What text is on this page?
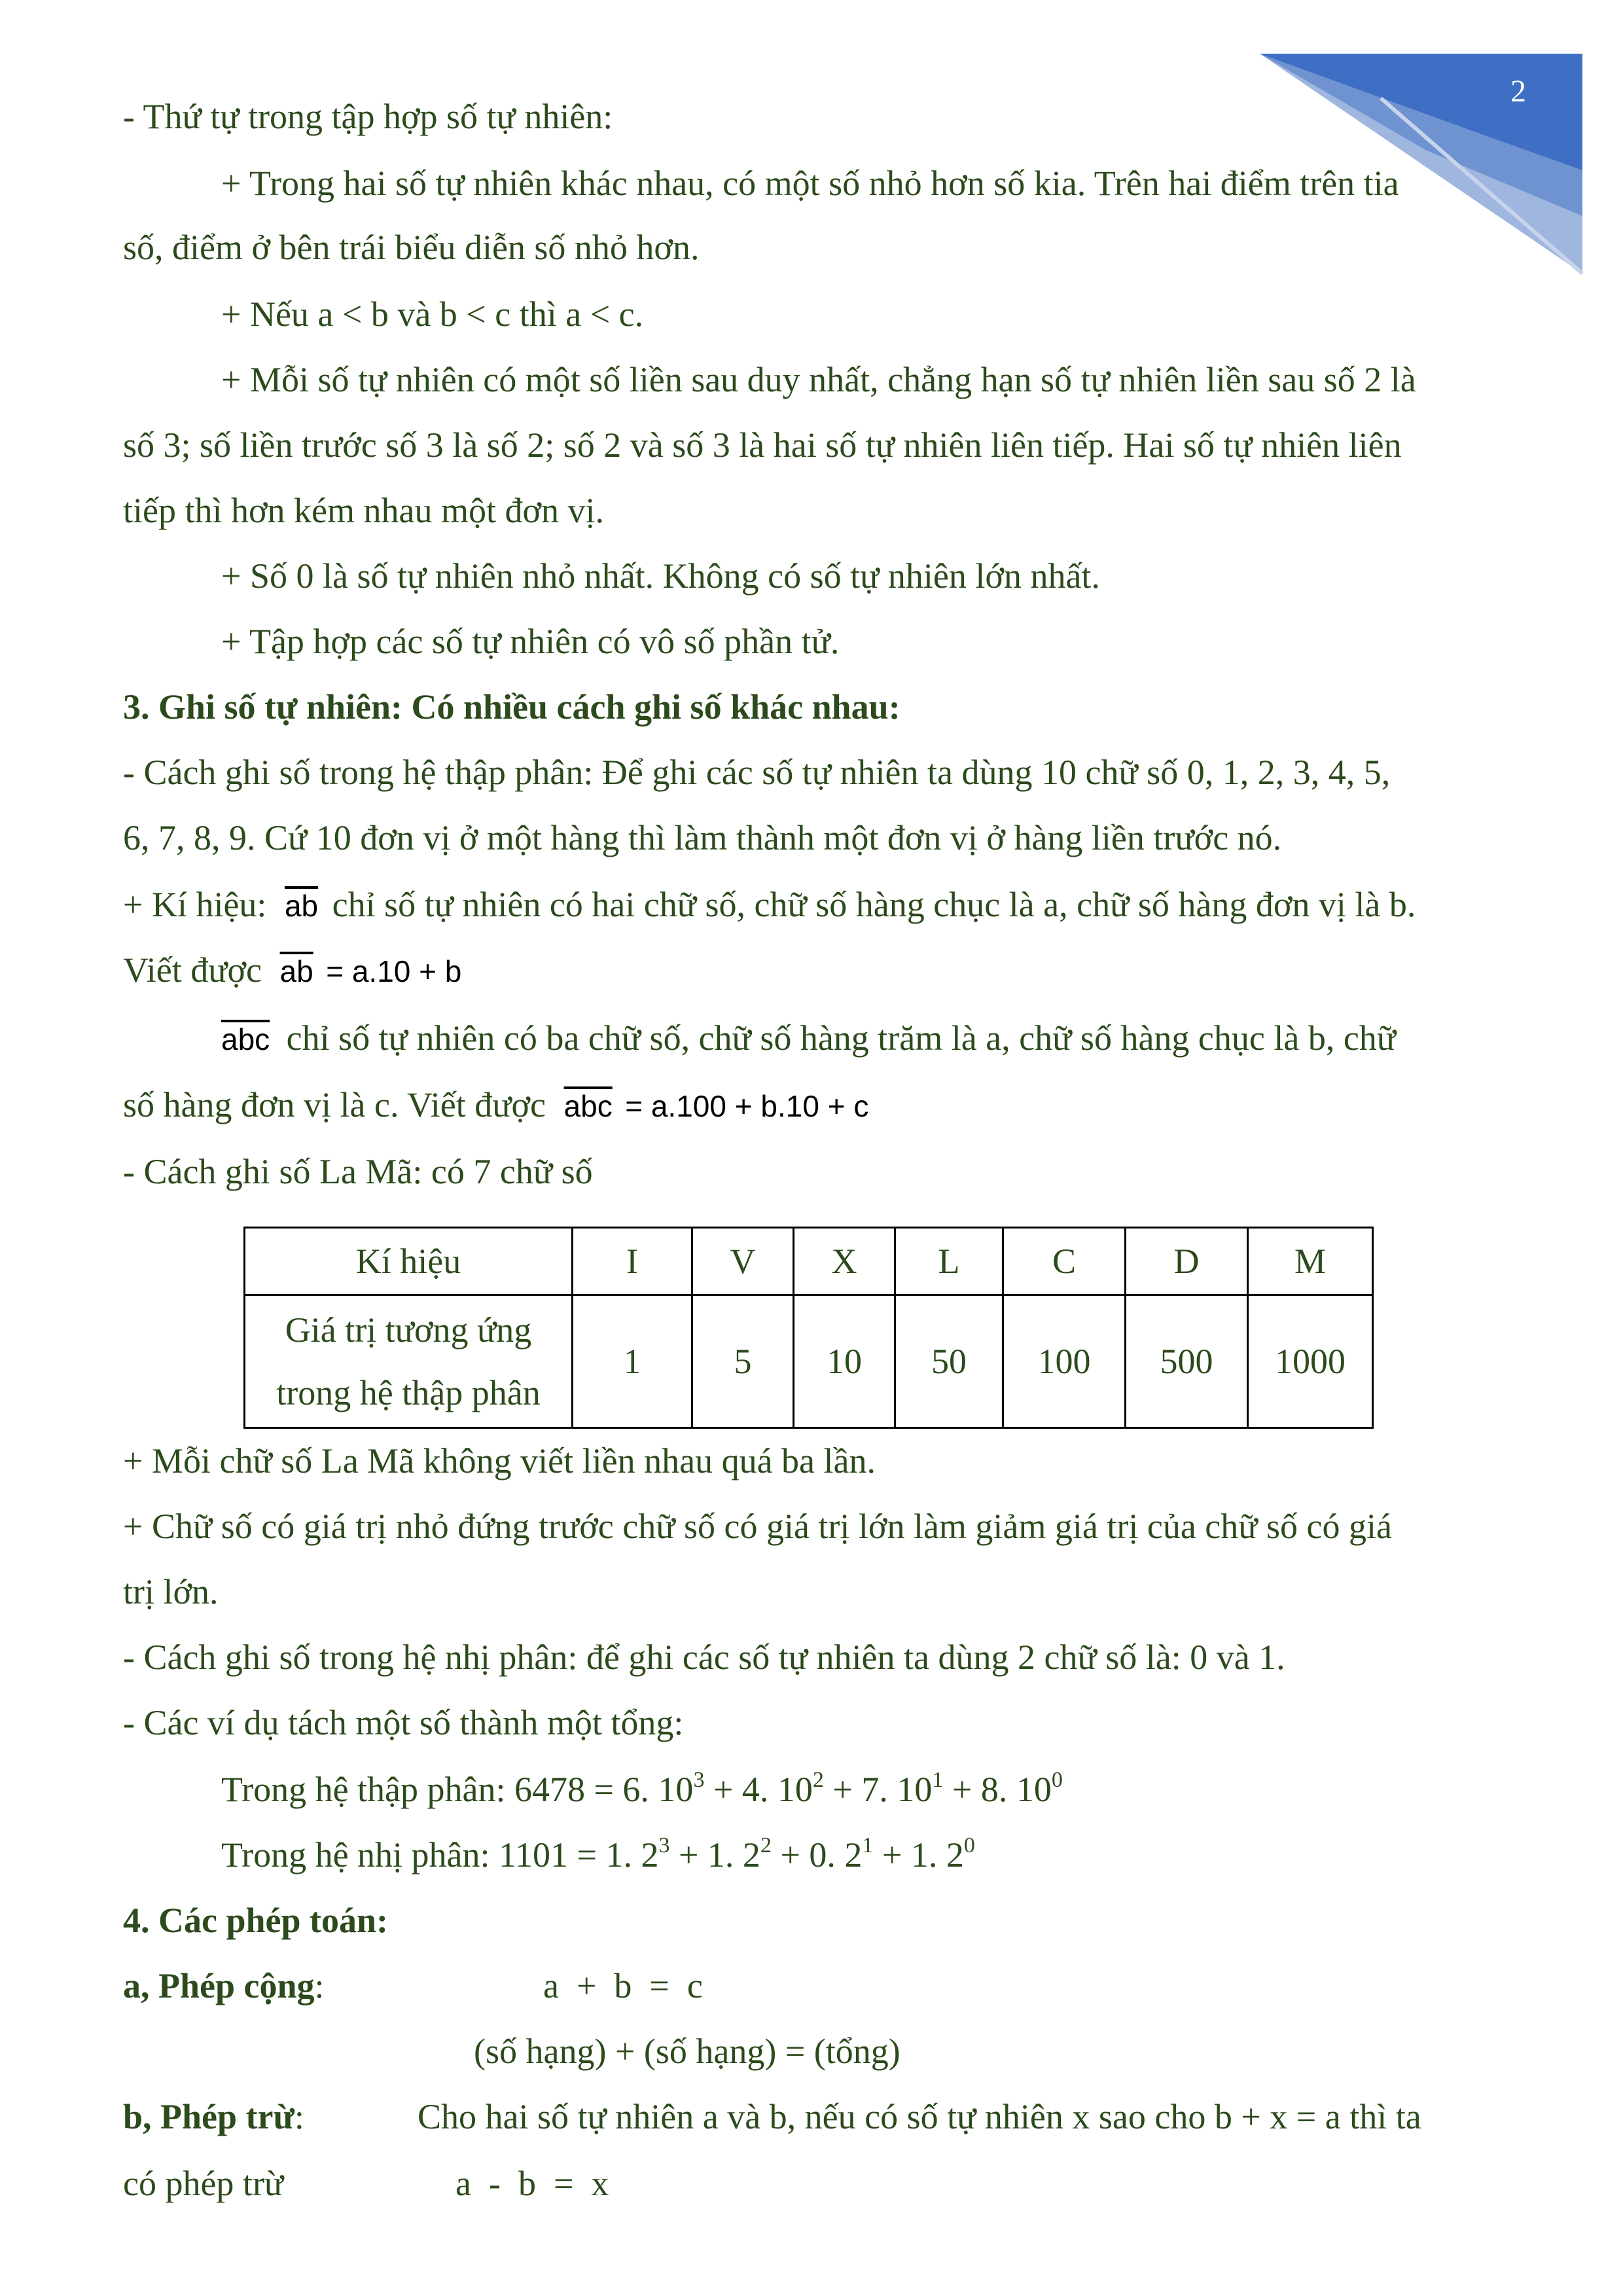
2
- Thứ tự trong tập hợp số tự nhiên:
+ Trong hai số tự nhiên khác nhau, có một số nhỏ hơn số kia. Trên hai điểm trên tia
số, điểm ở bên trái biểu diễn số nhỏ hơn.
+ Nếu a < b và b < c thì a < c.
+ Mỗi số tự nhiên có một số liền sau duy nhất, chẳng hạn số tự nhiên liền sau số 2 là
số 3; số liền trước số 3 là số 2; số 2 và số 3 là hai số tự nhiên liên tiếp. Hai số tự nhiên liên
tiếp thì hơn kém nhau một đơn vị.
+ Số 0 là số tự nhiên nhỏ nhất. Không có số tự nhiên lớn nhất.
+ Tập hợp các số tự nhiên có vô số phần tử.
3. Ghi số tự nhiên: Có nhiều cách ghi số khác nhau:
- Cách ghi số trong hệ thập phân: Để ghi các số tự nhiên ta dùng 10 chữ số 0, 1, 2, 3, 4, 5,
6, 7, 8, 9. Cứ 10 đơn vị ở một hàng thì làm thành một đơn vị ở hàng liền trước nó.
+ Kí hiệu: $\overline{ab}$ chỉ số tự nhiên có hai chữ số, chữ số hàng chục là a, chữ số hàng đơn vị là b.
Viết được $\overline{ab} = a.10 + b$
$\overline{abc}$ chỉ số tự nhiên có ba chữ số, chữ số hàng trăm là a, chữ số hàng chục là b, chữ
số hàng đơn vị là c. Viết được $\overline{abc} = a.100 + b.10 + c$
- Cách ghi số La Mã: có 7 chữ số
Kí hiệu	I	V	X	L	C	D	M

Giá trị tương ứng
trong hệ thập phân	1	5	10	50	100	500	1000
+ Mỗi chữ số La Mã không viết liền nhau quá ba lần.
+ Chữ số có giá trị nhỏ đứng trước chữ số có giá trị lớn làm giảm giá trị của chữ số có giá
trị lớn.
- Cách ghi số trong hệ nhị phân: để ghi các số tự nhiên ta dùng 2 chữ số là: 0 và 1.
- Các ví dụ tách một số thành một tổng:
Trong hệ thập phân: 6478 = 6. $10^3 + 4$. $10^2 + 7$. $10^1 + 8$. $10^0$
Trong hệ nhị phân: 1101 = 1. $2^3 + 1$. $2^2 + 0$. $2^1 + 1$. $2^0$
4. Các phép toán:
a, Phép cộng:	a  +  b  =  c
(số hạng) + (số hạng) = (tổng)
b, Phép trừ:	Cho hai số tự nhiên a và b, nếu có số tự nhiên x sao cho b + x = a thì ta
có phép trừ	a  -  b  =  x
